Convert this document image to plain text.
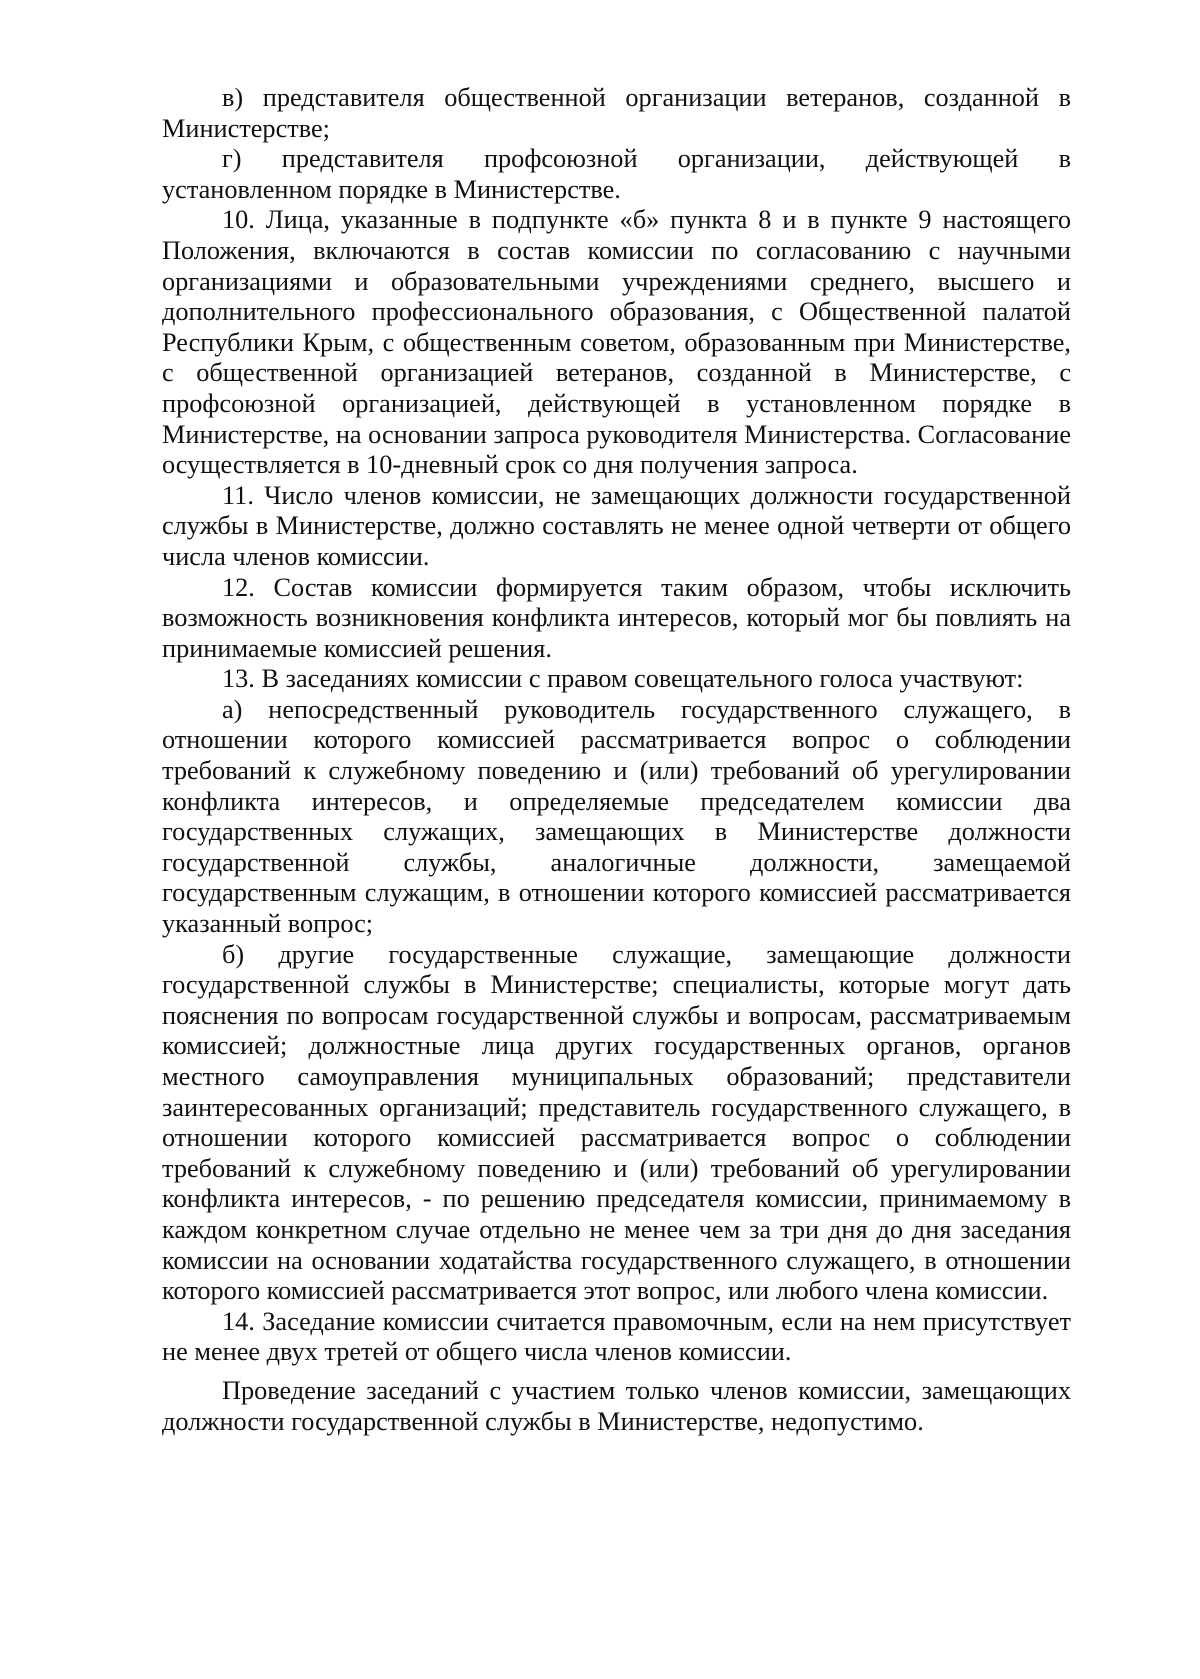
в) представителя общественной организации ветеранов, созданной в Министерстве;

г) представителя профсоюзной организации, действующей в установленном порядке в Министерстве.

10. Лица, указанные в подпункте «б» пункта 8 и в пункте 9 настоящего Положения, включаются в состав комиссии по согласованию с научными организациями и образовательными учреждениями среднего, высшего и дополнительного профессионального образования, с Общественной палатой Республики Крым, с общественным советом, образованным при Министерстве, с общественной организацией ветеранов, созданной в Министерстве, с профсоюзной организацией, действующей в установленном порядке в Министерстве, на основании запроса руководителя Министерства. Согласование осуществляется в 10-дневный срок со дня получения запроса.

11. Число членов комиссии, не замещающих должности государственной службы в Министерстве, должно составлять не менее одной четверти от общего числа членов комиссии.

12. Состав комиссии формируется таким образом, чтобы исключить возможность возникновения конфликта интересов, который мог бы повлиять на принимаемые комиссией решения.

13. В заседаниях комиссии с правом совещательного голоса участвуют:

а) непосредственный руководитель государственного служащего, в отношении которого комиссией рассматривается вопрос о соблюдении требований к служебному поведению и (или) требований об урегулировании конфликта интересов, и определяемые председателем комиссии два государственных служащих, замещающих в Министерстве должности государственной службы, аналогичные должности, замещаемой государственным служащим, в отношении которого комиссией рассматривается указанный вопрос;

б) другие государственные служащие, замещающие должности государственной службы в Министерстве; специалисты, которые могут дать пояснения по вопросам государственной службы и вопросам, рассматриваемым комиссией; должностные лица других государственных органов, органов местного самоуправления муниципальных образований; представители заинтересованных организаций; представитель государственного служащего, в отношении которого комиссией рассматривается вопрос о соблюдении требований к служебному поведению и (или) требований об урегулировании конфликта интересов, - по решению председателя комиссии, принимаемому в каждом конкретном случае отдельно не менее чем за три дня до дня заседания комиссии на основании ходатайства государственного служащего, в отношении которого комиссией рассматривается этот вопрос, или любого члена комиссии.

14. Заседание комиссии считается правомочным, если на нем присутствует не менее двух третей от общего числа членов комиссии.

Проведение заседаний с участием только членов комиссии, замещающих должности государственной службы в Министерстве, недопустимо.
